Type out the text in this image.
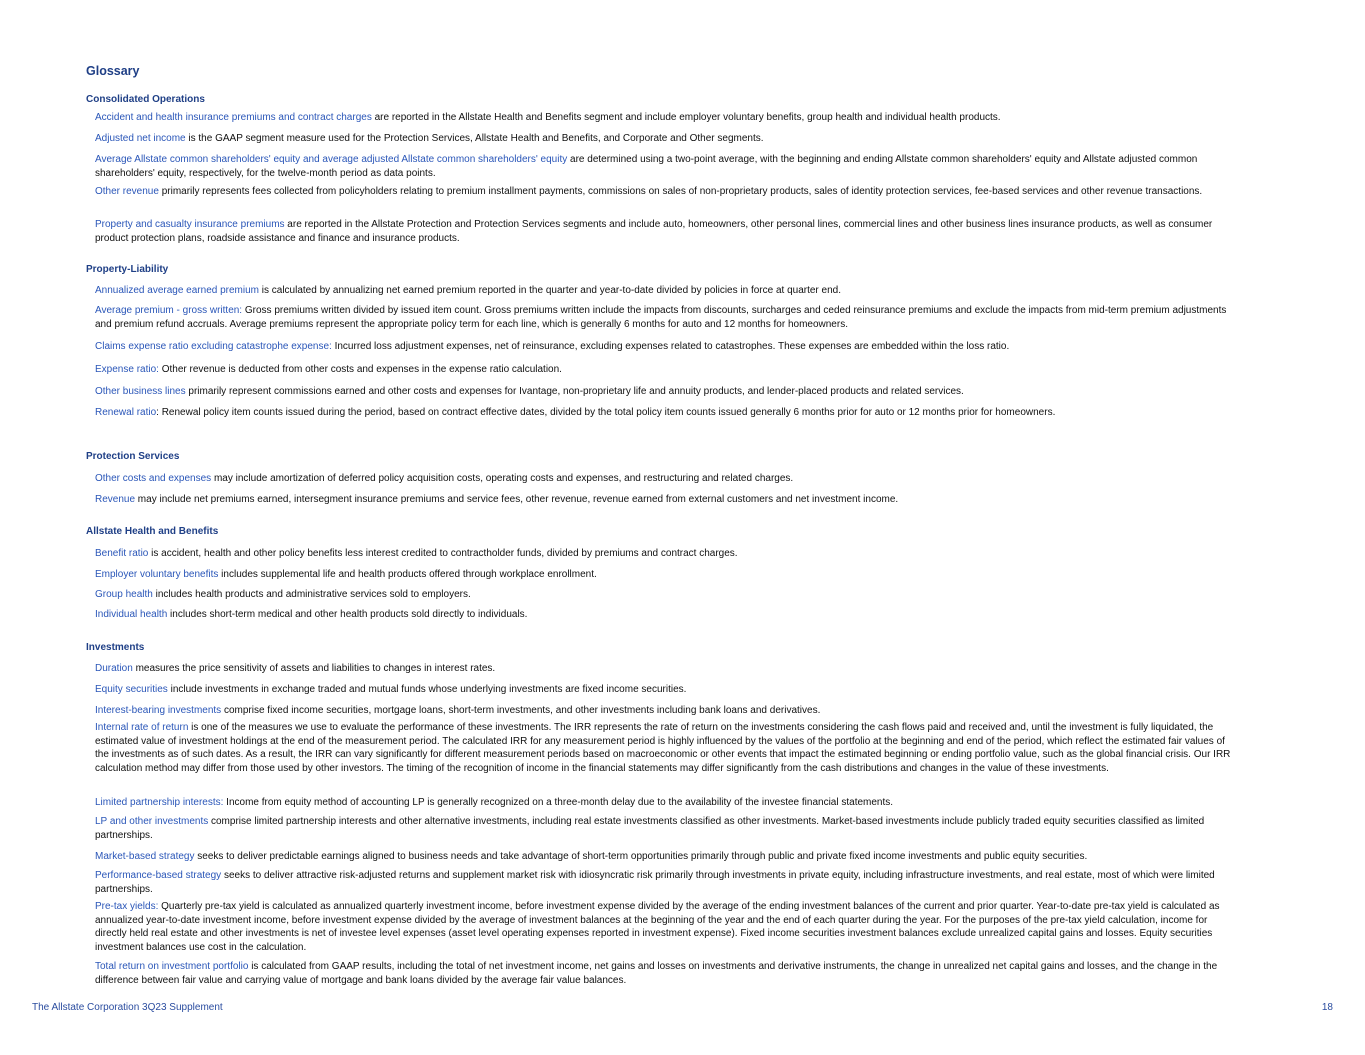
Glossary
Consolidated Operations
Accident and health insurance premiums and contract charges are reported in the Allstate Health and Benefits segment and include employer voluntary benefits, group health and individual health products.
Adjusted net income is the GAAP segment measure used for the Protection Services, Allstate Health and Benefits, and Corporate and Other segments.
Average Allstate common shareholders' equity and average adjusted Allstate common shareholders' equity are determined using a two-point average, with the beginning and ending Allstate common shareholders' equity and Allstate adjusted common shareholders' equity, respectively, for the twelve-month period as data points.
Other revenue primarily represents fees collected from policyholders relating to premium installment payments, commissions on sales of non-proprietary products, sales of identity protection services, fee-based services and other revenue transactions.
Property and casualty insurance premiums are reported in the Allstate Protection and Protection Services segments and include auto, homeowners, other personal lines, commercial lines and other business lines insurance products, as well as consumer product protection plans, roadside assistance and finance and insurance products.
Property-Liability
Annualized average earned premium is calculated by annualizing net earned premium reported in the quarter and year-to-date divided by policies in force at quarter end.
Average premium - gross written: Gross premiums written divided by issued item count. Gross premiums written include the impacts from discounts, surcharges and ceded reinsurance premiums and exclude the impacts from mid-term premium adjustments and premium refund accruals. Average premiums represent the appropriate policy term for each line, which is generally 6 months for auto and 12 months for homeowners.
Claims expense ratio excluding catastrophe expense: Incurred loss adjustment expenses, net of reinsurance, excluding expenses related to catastrophes. These expenses are embedded within the loss ratio.
Expense ratio: Other revenue is deducted from other costs and expenses in the expense ratio calculation.
Other business lines primarily represent commissions earned and other costs and expenses for Ivantage, non-proprietary life and annuity products, and lender-placed products and related services.
Renewal ratio: Renewal policy item counts issued during the period, based on contract effective dates, divided by the total policy item counts issued generally 6 months prior for auto or 12 months prior for homeowners.
Protection Services
Other costs and expenses may include amortization of deferred policy acquisition costs, operating costs and expenses, and restructuring and related charges.
Revenue may include net premiums earned, intersegment insurance premiums and service fees, other revenue, revenue earned from external customers and net investment income.
Allstate Health and Benefits
Benefit ratio is accident, health and other policy benefits less interest credited to contractholder funds, divided by premiums and contract charges.
Employer voluntary benefits includes supplemental life and health products offered through workplace enrollment.
Group health includes health products and administrative services sold to employers.
Individual health includes short-term medical and other health products sold directly to individuals.
Investments
Duration measures the price sensitivity of assets and liabilities to changes in interest rates.
Equity securities include investments in exchange traded and mutual funds whose underlying investments are fixed income securities.
Interest-bearing investments comprise fixed income securities, mortgage loans, short-term investments, and other investments including bank loans and derivatives.
Internal rate of return is one of the measures we use to evaluate the performance of these investments. The IRR represents the rate of return on the investments considering the cash flows paid and received and, until the investment is fully liquidated, the estimated value of investment holdings at the end of the measurement period. The calculated IRR for any measurement period is highly influenced by the values of the portfolio at the beginning and end of the period, which reflect the estimated fair values of the investments as of such dates. As a result, the IRR can vary significantly for different measurement periods based on macroeconomic or other events that impact the estimated beginning or ending portfolio value, such as the global financial crisis. Our IRR calculation method may differ from those used by other investors. The timing of the recognition of income in the financial statements may differ significantly from the cash distributions and changes in the value of these investments.
Limited partnership interests: Income from equity method of accounting LP is generally recognized on a three-month delay due to the availability of the investee financial statements.
LP and other investments comprise limited partnership interests and other alternative investments, including real estate investments classified as other investments. Market-based investments include publicly traded equity securities classified as limited partnerships.
Market-based strategy seeks to deliver predictable earnings aligned to business needs and take advantage of short-term opportunities primarily through public and private fixed income investments and public equity securities.
Performance-based strategy seeks to deliver attractive risk-adjusted returns and supplement market risk with idiosyncratic risk primarily through investments in private equity, including infrastructure investments, and real estate, most of which were limited partnerships.
Pre-tax yields: Quarterly pre-tax yield is calculated as annualized quarterly investment income, before investment expense divided by the average of the ending investment balances of the current and prior quarter. Year-to-date pre-tax yield is calculated as annualized year-to-date investment income, before investment expense divided by the average of investment balances at the beginning of the year and the end of each quarter during the year. For the purposes of the pre-tax yield calculation, income for directly held real estate and other investments is net of investee level expenses (asset level operating expenses reported in investment expense). Fixed income securities investment balances exclude unrealized capital gains and losses. Equity securities investment balances use cost in the calculation.
Total return on investment portfolio is calculated from GAAP results, including the total of net investment income, net gains and losses on investments and derivative instruments, the change in unrealized net capital gains and losses, and the change in the difference between fair value and carrying value of mortgage and bank loans divided by the average fair value balances.
The Allstate Corporation 3Q23 Supplement	18
